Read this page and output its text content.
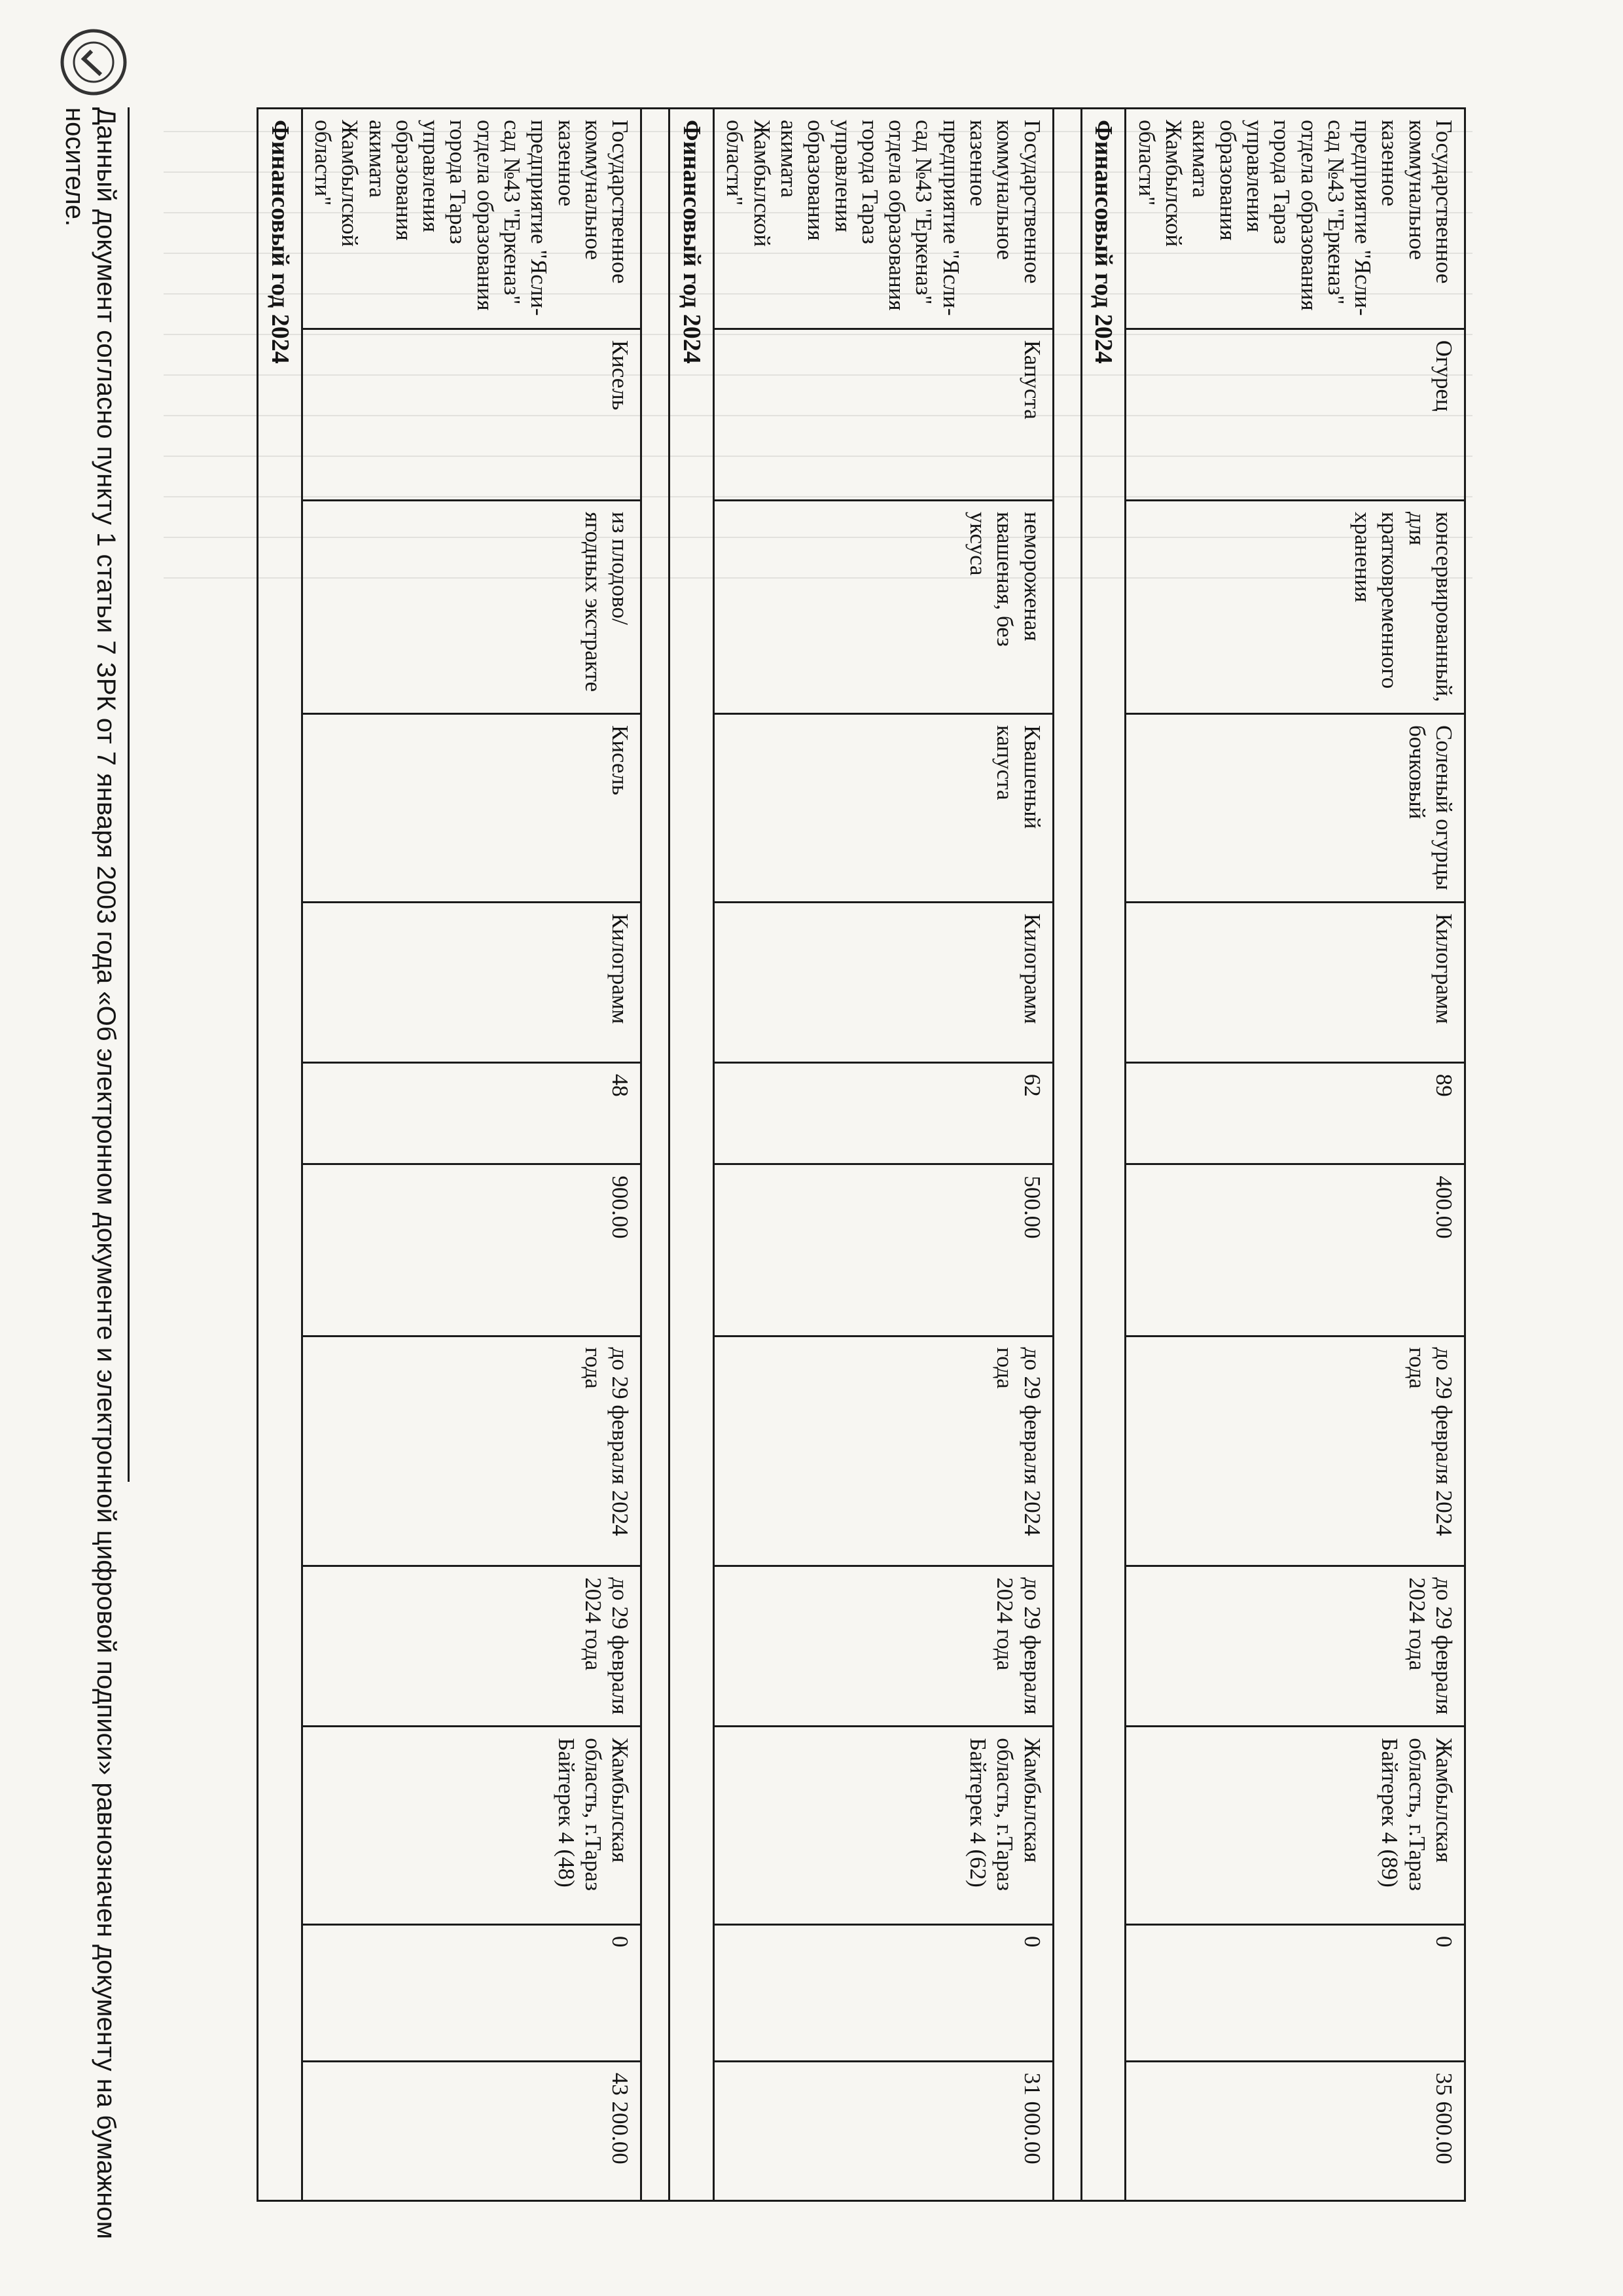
Государственное коммунальное казенное предприятие "Ясли-сад №43 "Еркеназ" отдела образования города Тараз управления образования акимата Жамбылской области"	Огурец	консервированный, для кратковременного хранения	Соленый огурцы бочковый	Килограмм	89	400.00	до 29 февраля 2024 года	до 29 февраля 2024 года	Жамбылская область, г.Тараз Байтерек 4 (89)	0	35 600.00
Финансовый год 2024											

Государственное коммунальное казенное предприятие "Ясли-сад №43 "Еркеназ" отдела образования города Тараз управления образования акимата Жамбылской области"	Капуста	немороженая квашеная, без уксуса	Квашеный капуста	Килограмм	62	500.00	до 29 февраля 2024 года	до 29 февраля 2024 года	Жамбылская область, г.Тараз Байтерек 4 (62)	0	31 000.00
Финансовый год 2024											

Государственное коммунальное казенное предприятие "Ясли-сад №43 "Еркеназ" отдела образования города Тараз управления образования акимата Жамбылской области"	Кисель	из плодово/ягодных экстракте	Кисель	Килограмм	48	900.00	до 29 февраля 2024 года	до 29 февраля 2024 года	Жамбылская область, г.Тараз Байтерек 4 (48)	0	43 200.00
Финансовый год 2024											
Данный документ согласно пункту 1 статьи 7 ЗРК от 7 января 2003 года «Об электронном документе и электронной цифровой подписи» равнозначен документу на бумажном носителе.
